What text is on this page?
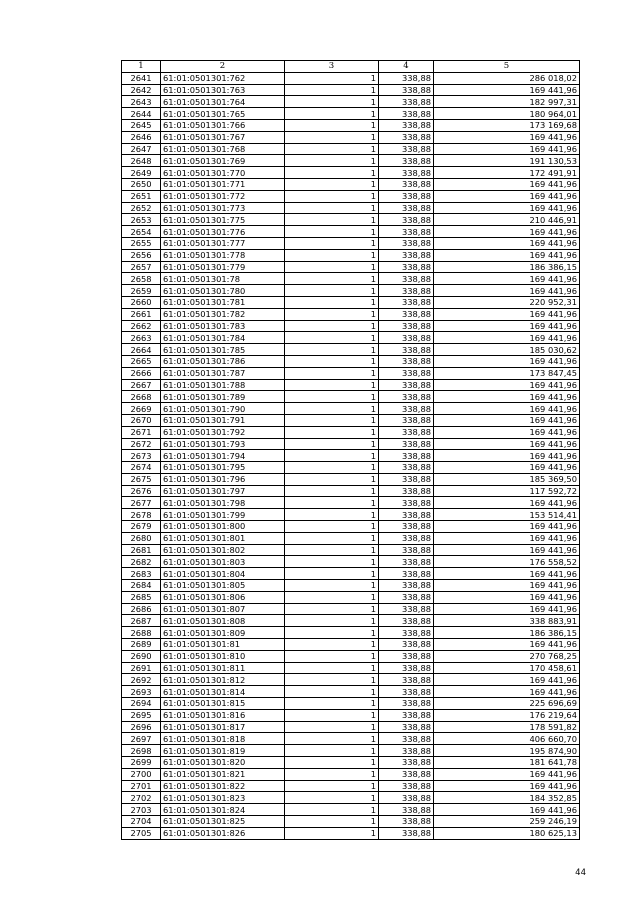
1	2	3	4	5
2641	61:01:0501301:762	1	338,88	286 018,02
2642	61:01:0501301:763	1	338,88	169 441,96
2643	61:01:0501301:764	1	338,88	182 997,31
2644	61:01:0501301:765	1	338,88	180 964,01
2645	61:01:0501301:766	1	338,88	173 169,68
2646	61:01:0501301:767	1	338,88	169 441,96
2647	61:01:0501301:768	1	338,88	169 441,96
2648	61:01:0501301:769	1	338,88	191 130,53
2649	61:01:0501301:770	1	338,88	172 491,91
2650	61:01:0501301:771	1	338,88	169 441,96
2651	61:01:0501301:772	1	338,88	169 441,96
2652	61:01:0501301:773	1	338,88	169 441,96
2653	61:01:0501301:775	1	338,88	210 446,91
2654	61:01:0501301:776	1	338,88	169 441,96
2655	61:01:0501301:777	1	338,88	169 441,96
2656	61:01:0501301:778	1	338,88	169 441,96
2657	61:01:0501301:779	1	338,88	186 386,15
2658	61:01:0501301:78	1	338,88	169 441,96
2659	61:01:0501301:780	1	338,88	169 441,96
2660	61:01:0501301:781	1	338,88	220 952,31
2661	61:01:0501301:782	1	338,88	169 441,96
2662	61:01:0501301:783	1	338,88	169 441,96
2663	61:01:0501301:784	1	338,88	169 441,96
2664	61:01:0501301:785	1	338,88	185 030,62
2665	61:01:0501301:786	1	338,88	169 441,96
2666	61:01:0501301:787	1	338,88	173 847,45
2667	61:01:0501301:788	1	338,88	169 441,96
2668	61:01:0501301:789	1	338,88	169 441,96
2669	61:01:0501301:790	1	338,88	169 441,96
2670	61:01:0501301:791	1	338,88	169 441,96
2671	61:01:0501301:792	1	338,88	169 441,96
2672	61:01:0501301:793	1	338,88	169 441,96
2673	61:01:0501301:794	1	338,88	169 441,96
2674	61:01:0501301:795	1	338,88	169 441,96
2675	61:01:0501301:796	1	338,88	185 369,50
2676	61:01:0501301:797	1	338,88	117 592,72
2677	61:01:0501301:798	1	338,88	169 441,96
2678	61:01:0501301:799	1	338,88	153 514,41
2679	61:01:0501301:800	1	338,88	169 441,96
2680	61:01:0501301:801	1	338,88	169 441,96
2681	61:01:0501301:802	1	338,88	169 441,96
2682	61:01:0501301:803	1	338,88	176 558,52
2683	61:01:0501301:804	1	338,88	169 441,96
2684	61:01:0501301:805	1	338,88	169 441,96
2685	61:01:0501301:806	1	338,88	169 441,96
2686	61:01:0501301:807	1	338,88	169 441,96
2687	61:01:0501301:808	1	338,88	338 883,91
2688	61:01:0501301:809	1	338,88	186 386,15
2689	61:01:0501301:81	1	338,88	169 441,96
2690	61:01:0501301:810	1	338,88	270 768,25
2691	61:01:0501301:811	1	338,88	170 458,61
2692	61:01:0501301:812	1	338,88	169 441,96
2693	61:01:0501301:814	1	338,88	169 441,96
2694	61:01:0501301:815	1	338,88	225 696,69
2695	61:01:0501301:816	1	338,88	176 219,64
2696	61:01:0501301:817	1	338,88	178 591,82
2697	61:01:0501301:818	1	338,88	406 660,70
2698	61:01:0501301:819	1	338,88	195 874,90
2699	61:01:0501301:820	1	338,88	181 641,78
2700	61:01:0501301:821	1	338,88	169 441,96
2701	61:01:0501301:822	1	338,88	169 441,96
2702	61:01:0501301:823	1	338,88	184 352,85
2703	61:01:0501301:824	1	338,88	169 441,96
2704	61:01:0501301:825	1	338,88	259 246,19
2705	61:01:0501301:826	1	338,88	180 625,13
44
